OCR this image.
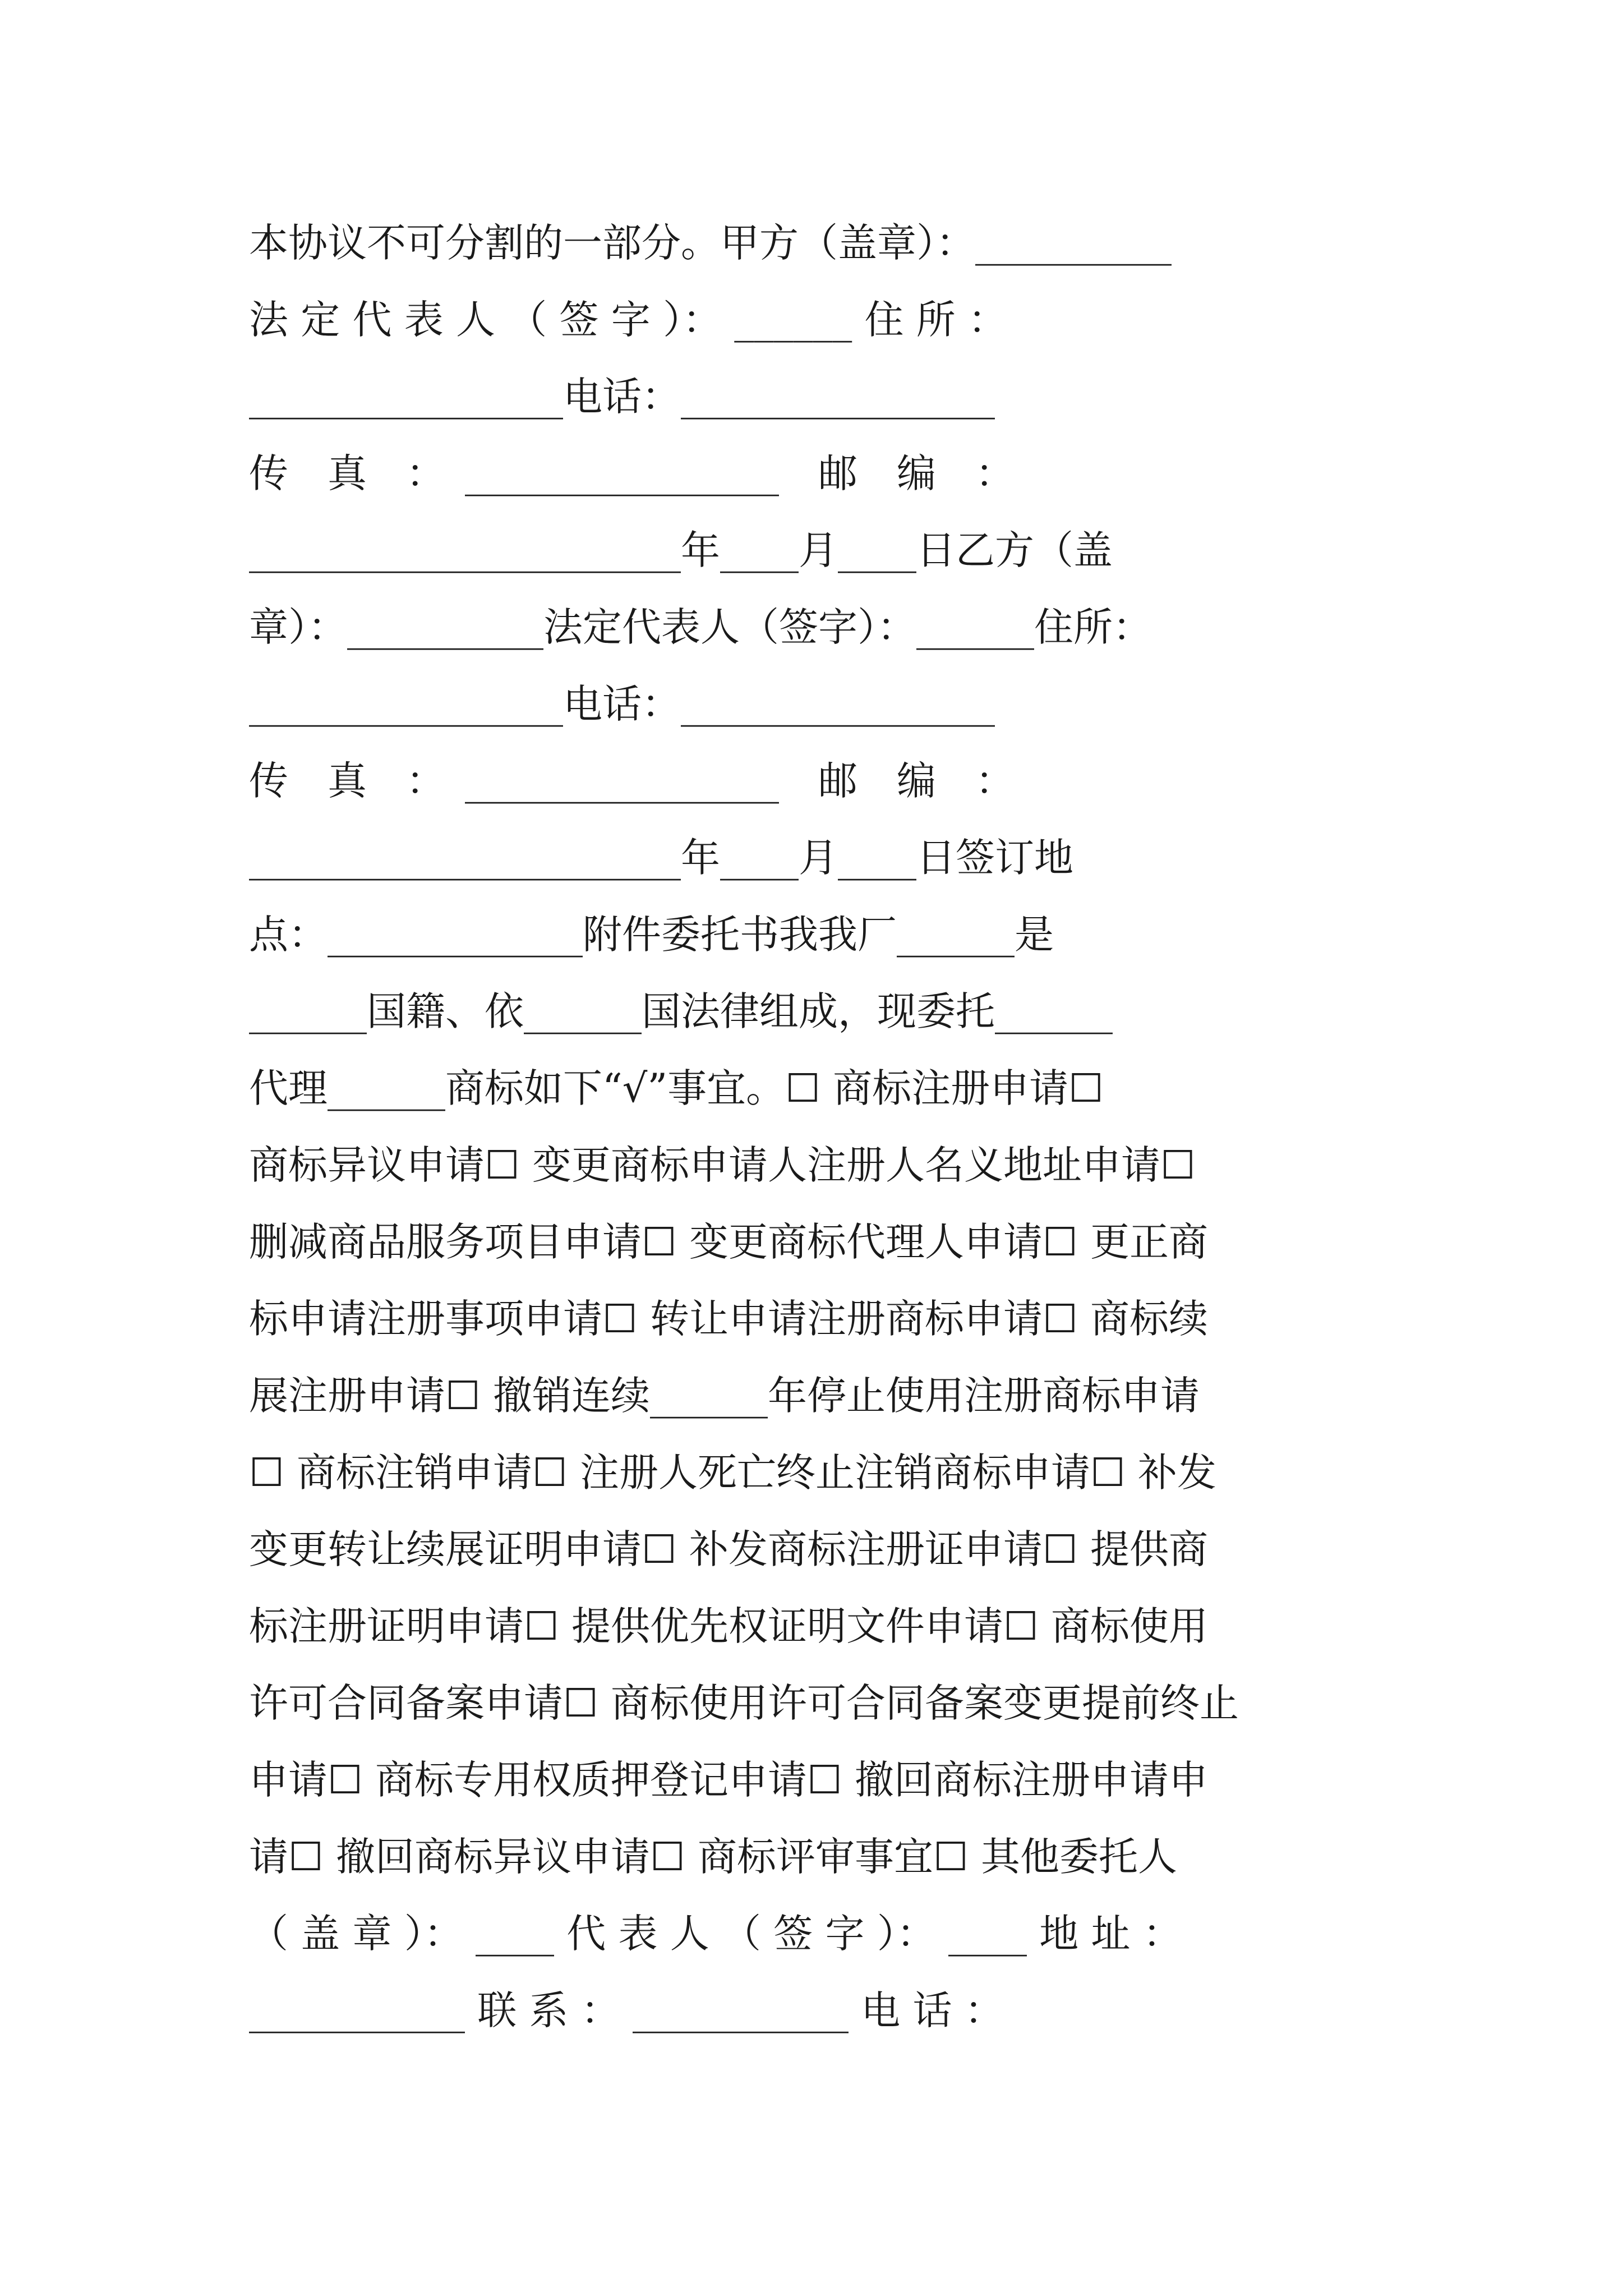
本协议不可分割的一部分。甲方（盖章）：__________
法 定 代 表 人 （ 签 字 ）： ______ 住 所 ：
________________电话：________________
传　真　：　________________　邮　编　：
______________________年____月____日乙方（盖
章）：__________法定代表人（签字）：______住所：
________________电话：________________
传　真　：　________________　邮　编　：
______________________年____月____日签订地
点：_____________附件委托书我我厂______是
______国籍、依______国法律组成，现委托______
代理______商标如下“√”事宜。☐ 商标注册申请☐
商标异议申请☐ 变更商标申请人注册人名义地址申请☐
删减商品服务项目申请☐ 变更商标代理人申请☐ 更正商
标申请注册事项申请☐ 转让申请注册商标申请☐ 商标续
展注册申请☐ 撤销连续______年停止使用注册商标申请
☐ 商标注销申请☐ 注册人死亡终止注销商标申请☐ 补发
变更转让续展证明申请☐ 补发商标注册证申请☐ 提供商
标注册证明申请☐ 提供优先权证明文件申请☐ 商标使用
许可合同备案申请☐ 商标使用许可合同备案变更提前终止
申请☐ 商标专用权质押登记申请☐ 撤回商标注册申请申
请☐ 撤回商标异议申请☐ 商标评审事宜☐ 其他委托人
（ 盖 章 ）： ____ 代 表 人 （ 签 字 ）： ____ 地 址 ：
___________ 联 系 ： ___________ 电 话 ：
